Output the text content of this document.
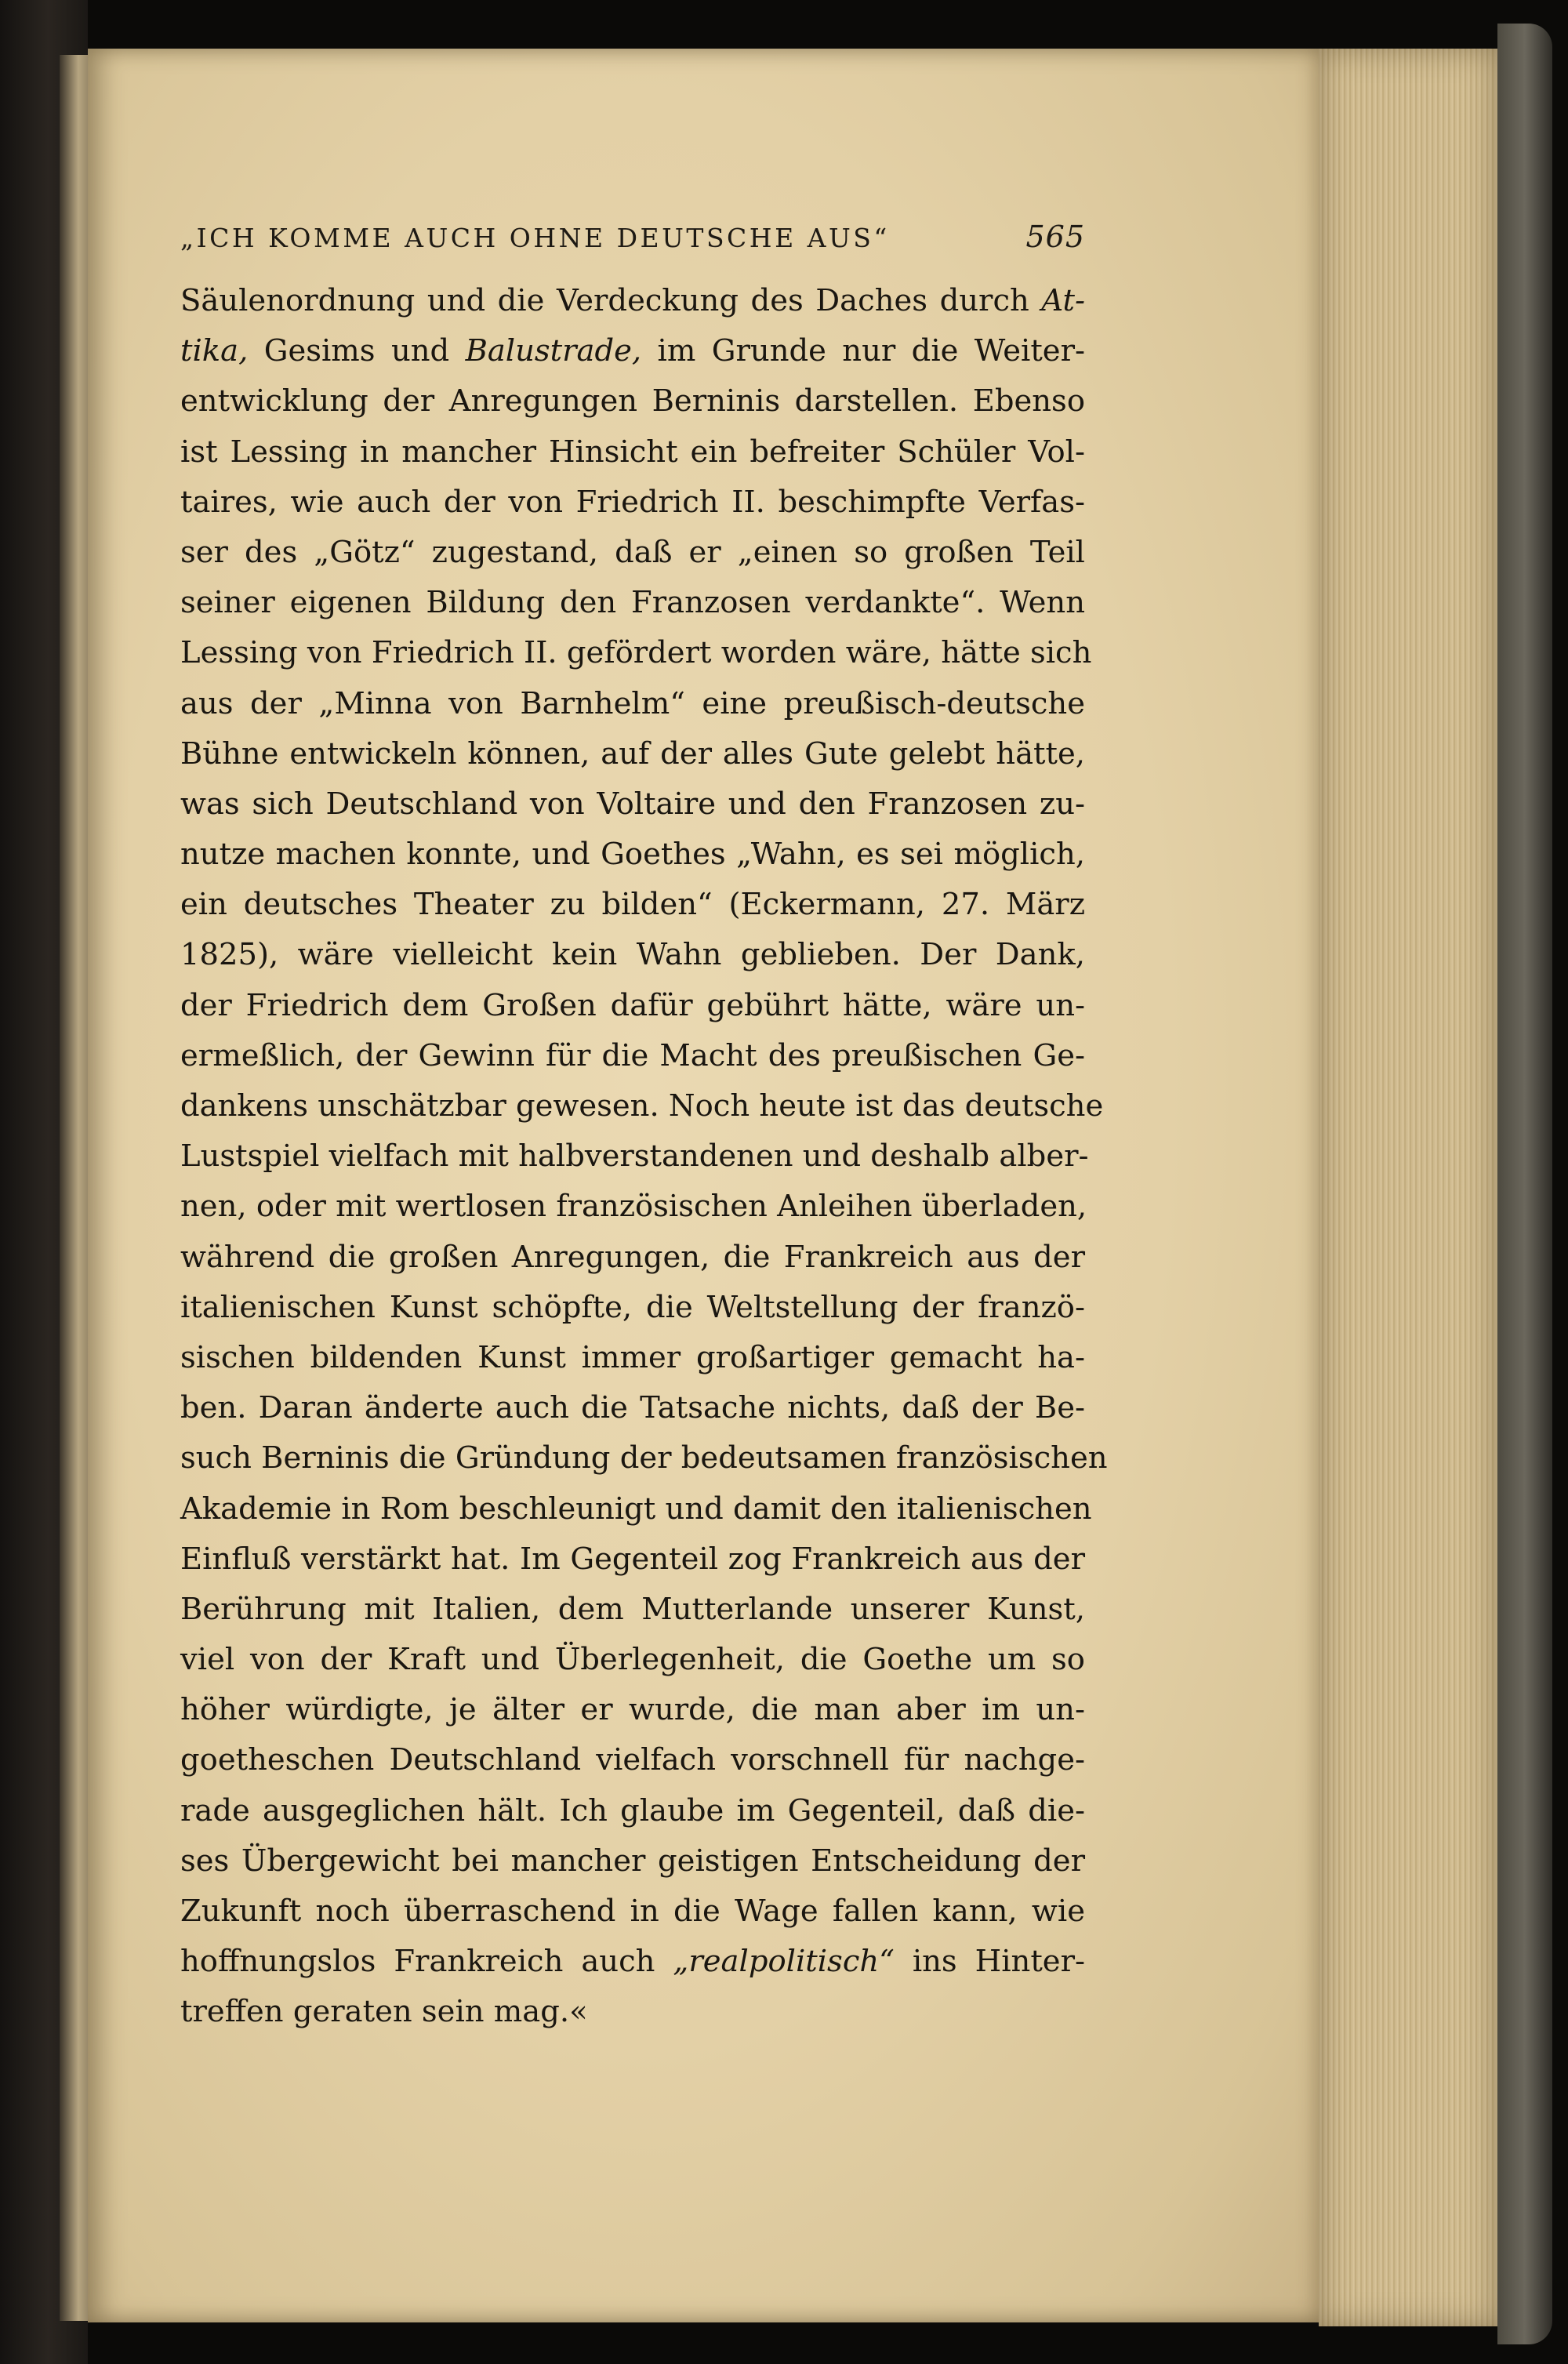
„ICH KOMME AUCH OHNE DEUTSCHE AUS“	565
Säulenordnung und die Verdeckung des Daches durch At-
tika, Gesims und Balustrade, im Grunde nur die Weiter-
entwicklung der Anregungen Berninis darstellen. Ebenso
ist Lessing in mancher Hinsicht ein befreiter Schüler Vol-
taires, wie auch der von Friedrich II. beschimpfte Verfas-
ser des „Götz“ zugestand, daß er „einen so großen Teil
seiner eigenen Bildung den Franzosen verdankte“. Wenn
Lessing von Friedrich II. gefördert worden wäre, hätte sich
aus der „Minna von Barnhelm“ eine preußisch-deutsche
Bühne entwickeln können, auf der alles Gute gelebt hätte,
was sich Deutschland von Voltaire und den Franzosen zu-
nutze machen konnte, und Goethes „Wahn, es sei möglich,
ein deutsches Theater zu bilden“ (Eckermann, 27. März
1825), wäre vielleicht kein Wahn geblieben. Der Dank,
der Friedrich dem Großen dafür gebührt hätte, wäre un-
ermeßlich, der Gewinn für die Macht des preußischen Ge-
dankens unschätzbar gewesen. Noch heute ist das deutsche
Lustspiel vielfach mit halbverstandenen und deshalb alber-
nen, oder mit wertlosen französischen Anleihen überladen,
während die großen Anregungen, die Frankreich aus der
italienischen Kunst schöpfte, die Weltstellung der franzö-
sischen bildenden Kunst immer großartiger gemacht ha-
ben. Daran änderte auch die Tatsache nichts, daß der Be-
such Berninis die Gründung der bedeutsamen französischen
Akademie in Rom beschleunigt und damit den italienischen
Einfluß verstärkt hat. Im Gegenteil zog Frankreich aus der
Berührung mit Italien, dem Mutterlande unserer Kunst,
viel von der Kraft und Überlegenheit, die Goethe um so
höher würdigte, je älter er wurde, die man aber im un-
goetheschen Deutschland vielfach vorschnell für nachge-
rade ausgeglichen hält. Ich glaube im Gegenteil, daß die-
ses Übergewicht bei mancher geistigen Entscheidung der
Zukunft noch überraschend in die Wage fallen kann, wie
hoffnungslos Frankreich auch „realpolitisch“ ins Hinter-
treffen geraten sein mag.«
